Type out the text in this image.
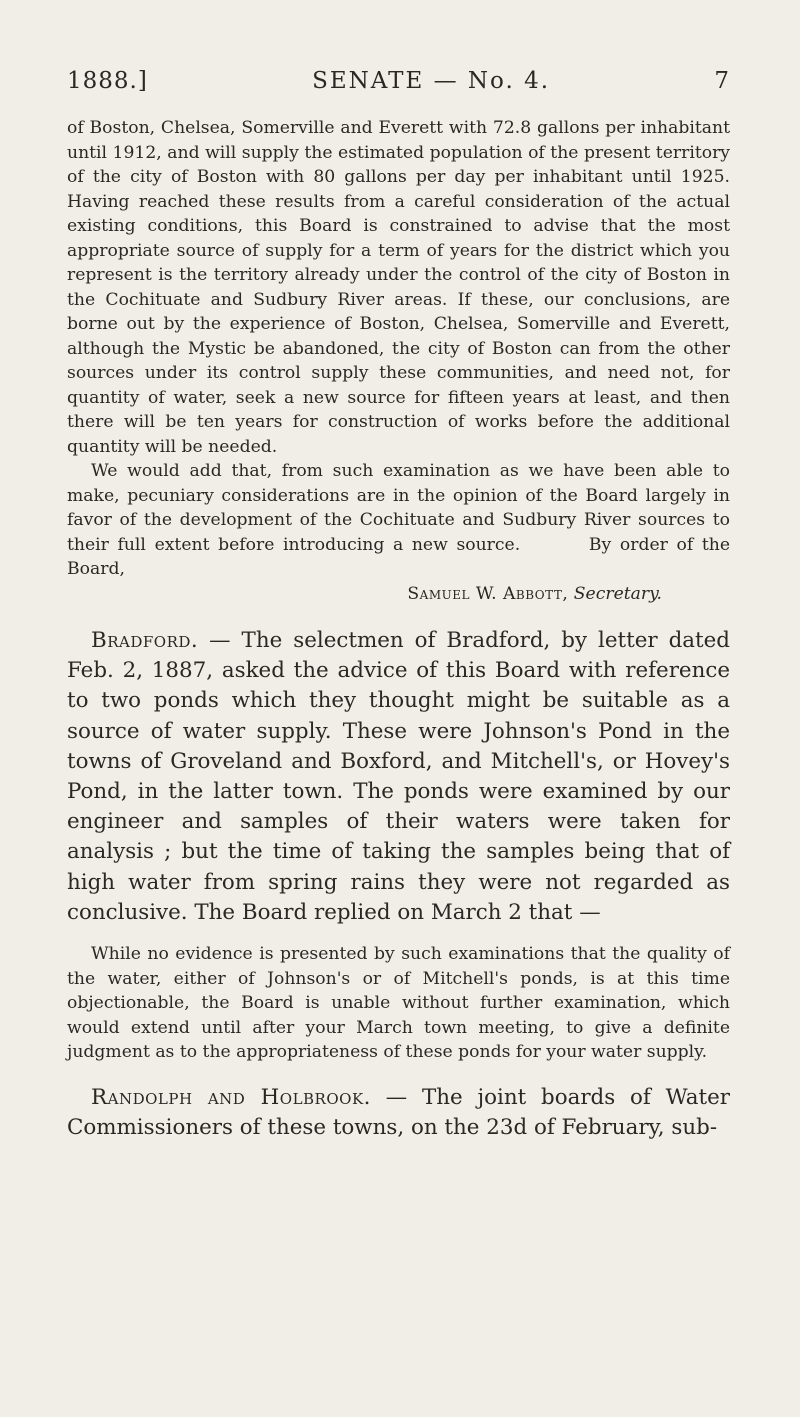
1888.]	SENATE — No. 4.	7

of Boston, Chelsea, Somerville and Everett with 72.8 gallons per inhabitant until 1912, and will supply the estimated population of the present territory of the city of Boston with 80 gallons per day per inhabitant until 1925. Having reached these results from a careful consideration of the actual existing conditions, this Board is constrained to advise that the most appropriate source of supply for a term of years for the district which you represent is the territory already under the control of the city of Boston in the Cochituate and Sudbury River areas. If these, our conclusions, are borne out by the experience of Boston, Chelsea, Somerville and Everett, although the Mystic be abandoned, the city of Boston can from the other sources under its control supply these communities, and need not, for quantity of water, seek a new source for fifteen years at least, and then there will be ten years for construction of works before the additional quantity will be needed.

We would add that, from such examination as we have been able to make, pecuniary considerations are in the opinion of the Board largely in favor of the development of the Cochituate and Sudbury River sources to their full extent before introducing a new source.    	By order of the Board,

Samuel W. Abbott, Secretary.

Bradford. — The selectmen of Bradford, by letter dated Feb. 2, 1887, asked the advice of this Board with reference to two ponds which they thought might be suitable as a source of water supply. These were Johnson's Pond in the towns of Groveland and Boxford, and Mitchell's, or Hovey's Pond, in the latter town. The ponds were examined by our engineer and samples of their waters were taken for analysis ; but the time of taking the samples being that of high water from spring rains they were not regarded as conclusive. The Board replied on March 2 that —

While no evidence is presented by such examinations that the quality of the water, either of Johnson's or of Mitchell's ponds, is at this time objectionable, the Board is unable without further examination, which would extend until after your March town meeting, to give a definite judgment as to the appropriateness of these ponds for your water supply.

Randolph and Holbrook. — The joint boards of Water Commissioners of these towns, on the 23d of February, sub-
